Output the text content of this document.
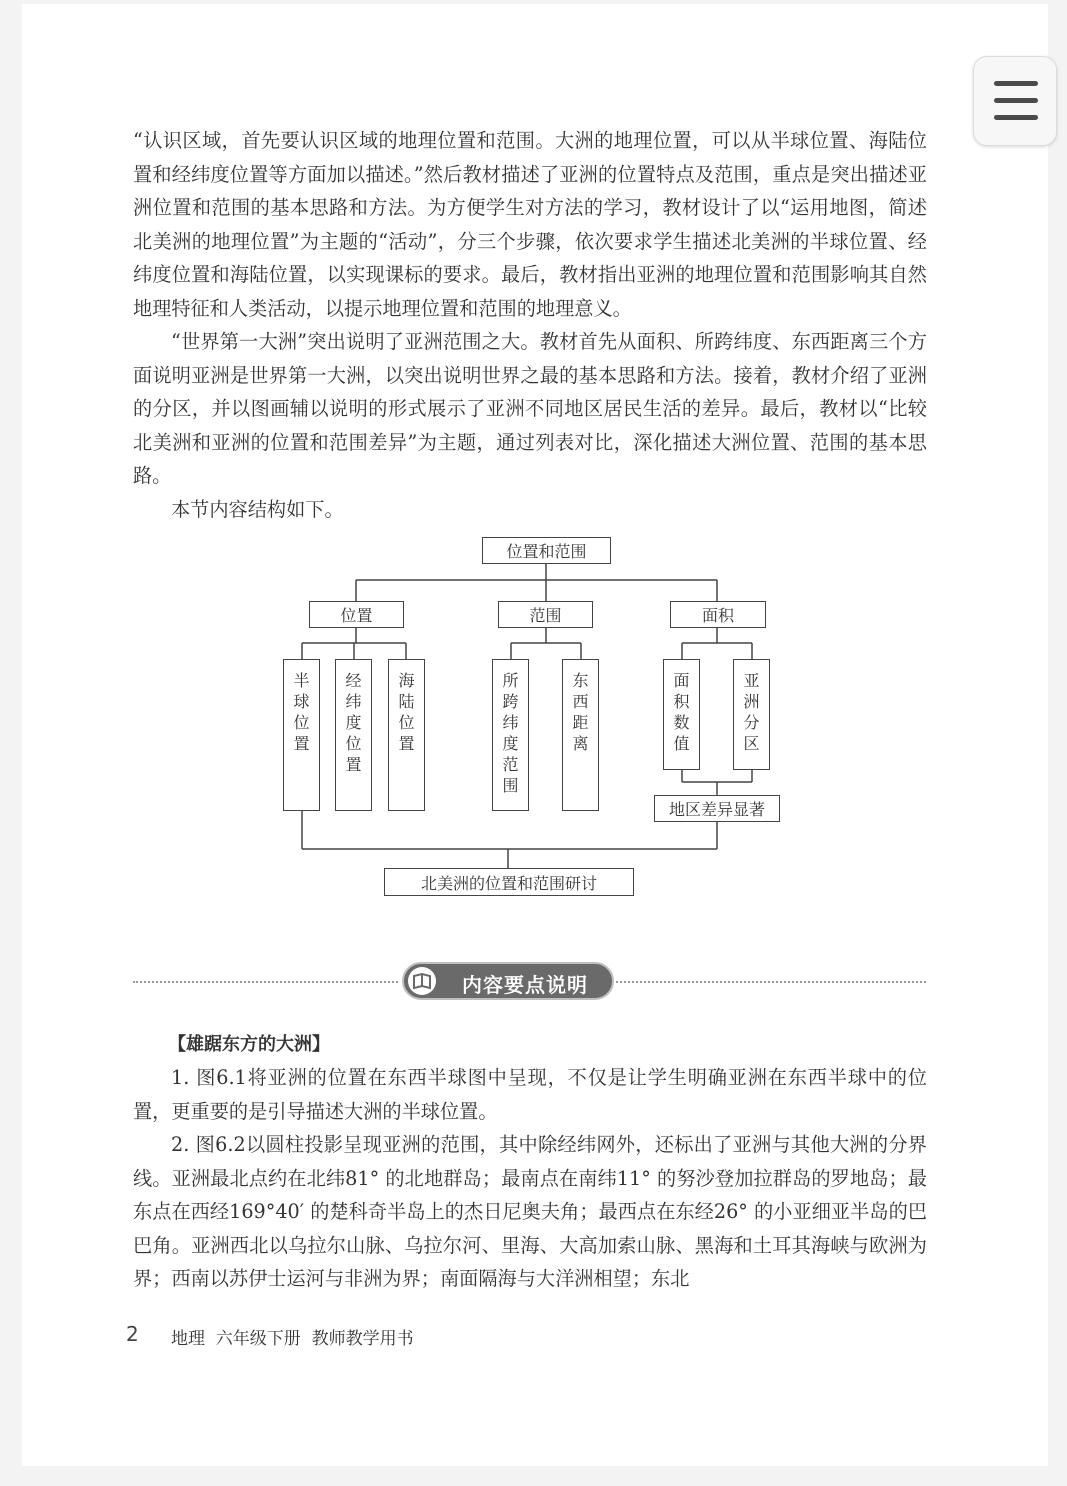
“认识区域，首先要认识区域的地理位置和范围。大洲的地理位置，可以从半球位置、海陆位置和经纬度位置等方面加以描述。”然后教材描述了亚洲的位置特点及范围，重点是突出描述亚洲位置和范围的基本思路和方法。为方便学生对方法的学习，教材设计了以“运用地图，简述北美洲的地理位置”为主题的“活动”，分三个步骤，依次要求学生描述北美洲的半球位置、经纬度位置和海陆位置，以实现课标的要求。最后，教材指出亚洲的地理位置和范围影响其自然地理特征和人类活动，以提示地理位置和范围的地理意义。

“世界第一大洲”突出说明了亚洲范围之大。教材首先从面积、所跨纬度、东西距离三个方面说明亚洲是世界第一大洲，以突出说明世界之最的基本思路和方法。接着，教材介绍了亚洲的分区，并以图画辅以说明的形式展示了亚洲不同地区居民生活的差异。最后，教材以“比较北美洲和亚洲的位置和范围差异”为主题，通过列表对比，深化描述大洲位置、范围的基本思路。

本节内容结构如下。

位置和范围
位置	范围	面积
半球位置
经纬度位置
海陆位置
所跨纬度范围
东西距离
面积数值
亚洲分区
地区差异显著
北美洲的位置和范围研讨
内容要点说明
【雄踞东方的大洲】

1. 图6.1将亚洲的位置在东西半球图中呈现，不仅是让学生明确亚洲在东西半球中的位置，更重要的是引导描述大洲的半球位置。

2. 图6.2以圆柱投影呈现亚洲的范围，其中除经纬网外，还标出了亚洲与其他大洲的分界线。亚洲最北点约在北纬81° 的北地群岛；最南点在南纬11° 的努沙登加拉群岛的罗地岛；最东点在西经169°40′ 的楚科奇半岛上的杰日尼奥夫角；最西点在东经26° 的小亚细亚半岛的巴巴角。亚洲西北以乌拉尔山脉、乌拉尔河、里海、大高加索山脉、黑海和土耳其海峡与欧洲为界；西南以苏伊士运河与非洲为界；南面隔海与大洋洲相望；东北

2 地理  六年级下册  教师教学用书
